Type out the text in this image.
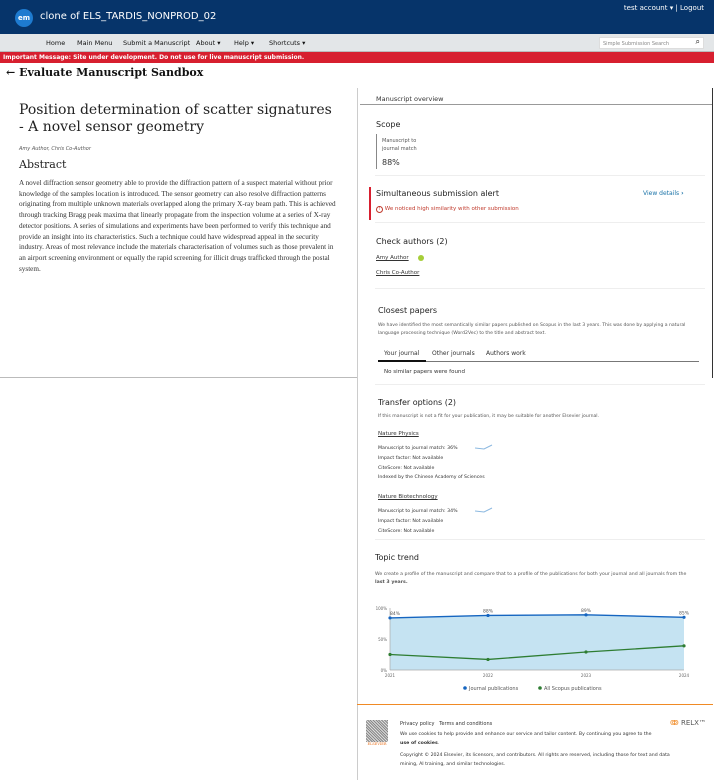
em clone of ELS_TARDIS_NONPROD_02
test account ▾ | Logout
Home Main Menu Submit a Manuscript About ▾ Help ▾ Shortcuts ▾	Simple Submission Search	⌕
Important Message: Site under development. Do not use for live manuscript submission.
← Evaluate Manuscript Sandbox
Position determination of scatter signatures - A novel sensor geometry
Amy Author, Chris Co-Author
Abstract
A novel diffraction sensor geometry able to provide the diffraction pattern of a suspect material without prior knowledge of the samples location is introduced. The sensor geometry can also resolve diffraction patterns originating from multiple unknown materials overlapped along the primary X-ray beam path. This is achieved through tracking Bragg peak maxima that linearly propagate from the inspection volume at a series of X-ray detector positions. A series of simulations and experiments have been performed to verify this technique and provide an insight into its characteristics. Such a technique could have widespread appeal in the security industry. Areas of most relevance include the materials characterisation of volumes such as those prevalent in an airport screening environment or equally the rapid screening for illicit drugs trafficked through the postal system.
Manuscript overview
Scope
Manuscript to
journal match
88%
Simultaneous submission alert	View details ›
! We noticed high similarity with other submission
Check authors (2)
Amy Author
Chris Co-Author
Closest papers
We have identified the most semantically similar papers published on Scopus in the last 3 years. This was done by applying a natural language processing technique (Word2Vec) to the title and abstract text.
Your journal Other journals Authors work
No similar papers were found
Transfer options (2)
If this manuscript is not a fit for your publication, it may be suitable for another Elsevier journal.
Nature Physics
Manuscript to journal match: 36%
Impact factor: Not available
CiteScore: Not available
Indexed by the Chinese Academy of Sciences
Nature Biotechnology
Manuscript to journal match: 34%
Impact factor: Not available
CiteScore: Not available
Topic trend
We create a profile of the manuscript and compare that to a profile of the publications for both your journal and all journals from the last 3 years.
0%
50%
100%
2021	2022	2023	2024
84%	88%	89%	85%
Journal publications	All Scopus publications
ELSEVIER
Privacy policy Terms and conditions
We use cookies to help provide and enhance our service and tailor content. By continuing you agree to the use of cookies.
Copyright © 2024 Elsevier, its licensors, and contributors. All rights are reserved, including those for text and data mining, AI training, and similar technologies.
ↂ RELX™
